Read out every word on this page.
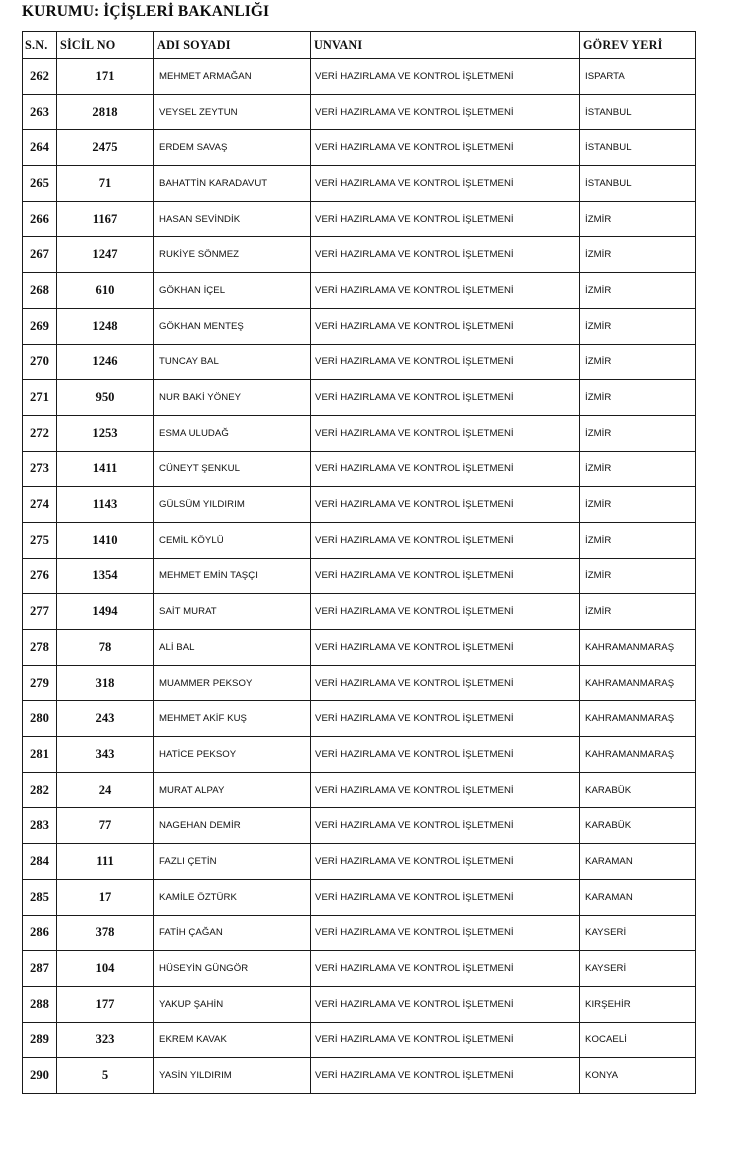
KURUMU: İÇİŞLERİ BAKANLIĞI
S.N.	SİCİL NO	ADI SOYADI	UNVANI	GÖREV YERİ

262	171	MEHMET ARMAĞAN	VERİ HAZIRLAMA VE KONTROL İŞLETMENİ	ISPARTA

263	2818	VEYSEL ZEYTUN	VERİ HAZIRLAMA VE KONTROL İŞLETMENİ	İSTANBUL

264	2475	ERDEM SAVAŞ	VERİ HAZIRLAMA VE KONTROL İŞLETMENİ	İSTANBUL

265	71	BAHATTİN KARADAVUT	VERİ HAZIRLAMA VE KONTROL İŞLETMENİ	İSTANBUL

266	1167	HASAN SEVİNDİK	VERİ HAZIRLAMA VE KONTROL İŞLETMENİ	İZMİR

267	1247	RUKİYE SÖNMEZ	VERİ HAZIRLAMA VE KONTROL İŞLETMENİ	İZMİR

268	610	GÖKHAN İÇEL	VERİ HAZIRLAMA VE KONTROL İŞLETMENİ	İZMİR

269	1248	GÖKHAN MENTEŞ	VERİ HAZIRLAMA VE KONTROL İŞLETMENİ	İZMİR

270	1246	TUNCAY BAL	VERİ HAZIRLAMA VE KONTROL İŞLETMENİ	İZMİR

271	950	NUR BAKİ YÖNEY	VERİ HAZIRLAMA VE KONTROL İŞLETMENİ	İZMİR

272	1253	ESMA ULUDAĞ	VERİ HAZIRLAMA VE KONTROL İŞLETMENİ	İZMİR

273	1411	CÜNEYT ŞENKUL	VERİ HAZIRLAMA VE KONTROL İŞLETMENİ	İZMİR

274	1143	GÜLSÜM YILDIRIM	VERİ HAZIRLAMA VE KONTROL İŞLETMENİ	İZMİR

275	1410	CEMİL KÖYLÜ	VERİ HAZIRLAMA VE KONTROL İŞLETMENİ	İZMİR

276	1354	MEHMET EMİN TAŞÇI	VERİ HAZIRLAMA VE KONTROL İŞLETMENİ	İZMİR

277	1494	SAİT MURAT	VERİ HAZIRLAMA VE KONTROL İŞLETMENİ	İZMİR

278	78	ALİ BAL	VERİ HAZIRLAMA VE KONTROL İŞLETMENİ	KAHRAMANMARAŞ

279	318	MUAMMER PEKSOY	VERİ HAZIRLAMA VE KONTROL İŞLETMENİ	KAHRAMANMARAŞ

280	243	MEHMET AKİF KUŞ	VERİ HAZIRLAMA VE KONTROL İŞLETMENİ	KAHRAMANMARAŞ

281	343	HATİCE PEKSOY	VERİ HAZIRLAMA VE KONTROL İŞLETMENİ	KAHRAMANMARAŞ

282	24	MURAT ALPAY	VERİ HAZIRLAMA VE KONTROL İŞLETMENİ	KARABÜK

283	77	NAGEHAN DEMİR	VERİ HAZIRLAMA VE KONTROL İŞLETMENİ	KARABÜK

284	111	FAZLI ÇETİN	VERİ HAZIRLAMA VE KONTROL İŞLETMENİ	KARAMAN

285	17	KAMİLE ÖZTÜRK	VERİ HAZIRLAMA VE KONTROL İŞLETMENİ	KARAMAN

286	378	FATİH ÇAĞAN	VERİ HAZIRLAMA VE KONTROL İŞLETMENİ	KAYSERİ

287	104	HÜSEYİN GÜNGÖR	VERİ HAZIRLAMA VE KONTROL İŞLETMENİ	KAYSERİ

288	177	YAKUP ŞAHİN	VERİ HAZIRLAMA VE KONTROL İŞLETMENİ	KIRŞEHİR

289	323	EKREM KAVAK	VERİ HAZIRLAMA VE KONTROL İŞLETMENİ	KOCAELİ

290	5	YASİN YILDIRIM	VERİ HAZIRLAMA VE KONTROL İŞLETMENİ	KONYA
